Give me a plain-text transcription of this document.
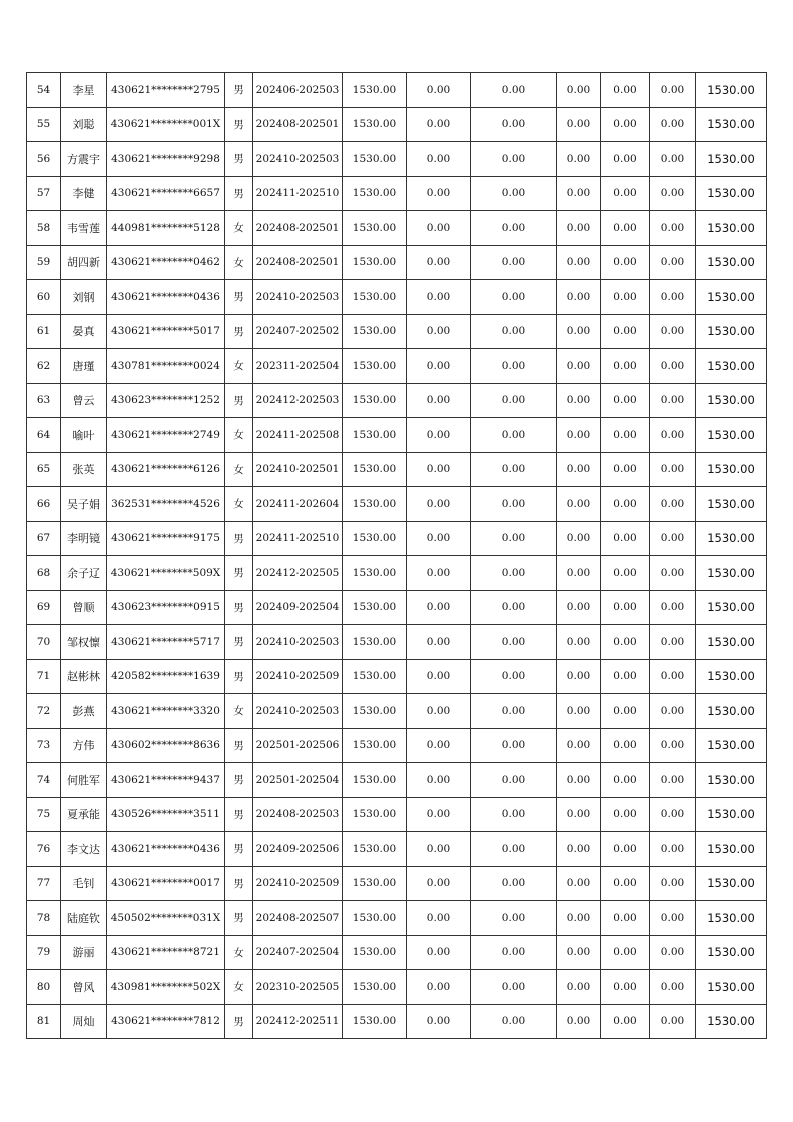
54	李星	430621********2795	男	202406-202503	1530.00	0.00	0.00	0.00	0.00	0.00	1530.00
55	刘聪	430621********001X	男	202408-202501	1530.00	0.00	0.00	0.00	0.00	0.00	1530.00
56	方震宇	430621********9298	男	202410-202503	1530.00	0.00	0.00	0.00	0.00	0.00	1530.00
57	李健	430621********6657	男	202411-202510	1530.00	0.00	0.00	0.00	0.00	0.00	1530.00
58	韦雪莲	440981********5128	女	202408-202501	1530.00	0.00	0.00	0.00	0.00	0.00	1530.00
59	胡四新	430621********0462	女	202408-202501	1530.00	0.00	0.00	0.00	0.00	0.00	1530.00
60	刘钢	430621********0436	男	202410-202503	1530.00	0.00	0.00	0.00	0.00	0.00	1530.00
61	晏真	430621********5017	男	202407-202502	1530.00	0.00	0.00	0.00	0.00	0.00	1530.00
62	唐瑾	430781********0024	女	202311-202504	1530.00	0.00	0.00	0.00	0.00	0.00	1530.00
63	曾云	430623********1252	男	202412-202503	1530.00	0.00	0.00	0.00	0.00	0.00	1530.00
64	喻叶	430621********2749	女	202411-202508	1530.00	0.00	0.00	0.00	0.00	0.00	1530.00
65	张英	430621********6126	女	202410-202501	1530.00	0.00	0.00	0.00	0.00	0.00	1530.00
66	吴子娟	362531********4526	女	202411-202604	1530.00	0.00	0.00	0.00	0.00	0.00	1530.00
67	李明镜	430621********9175	男	202411-202510	1530.00	0.00	0.00	0.00	0.00	0.00	1530.00
68	余子辽	430621********509X	男	202412-202505	1530.00	0.00	0.00	0.00	0.00	0.00	1530.00
69	曾顺	430623********0915	男	202409-202504	1530.00	0.00	0.00	0.00	0.00	0.00	1530.00
70	邹权懔	430621********5717	男	202410-202503	1530.00	0.00	0.00	0.00	0.00	0.00	1530.00
71	赵彬林	420582********1639	男	202410-202509	1530.00	0.00	0.00	0.00	0.00	0.00	1530.00
72	彭燕	430621********3320	女	202410-202503	1530.00	0.00	0.00	0.00	0.00	0.00	1530.00
73	方伟	430602********8636	男	202501-202506	1530.00	0.00	0.00	0.00	0.00	0.00	1530.00
74	何胜军	430621********9437	男	202501-202504	1530.00	0.00	0.00	0.00	0.00	0.00	1530.00
75	夏承能	430526********3511	男	202408-202503	1530.00	0.00	0.00	0.00	0.00	0.00	1530.00
76	李文达	430621********0436	男	202409-202506	1530.00	0.00	0.00	0.00	0.00	0.00	1530.00
77	毛钊	430621********0017	男	202410-202509	1530.00	0.00	0.00	0.00	0.00	0.00	1530.00
78	陆庭钦	450502********031X	男	202408-202507	1530.00	0.00	0.00	0.00	0.00	0.00	1530.00
79	游丽	430621********8721	女	202407-202504	1530.00	0.00	0.00	0.00	0.00	0.00	1530.00
80	曾风	430981********502X	女	202310-202505	1530.00	0.00	0.00	0.00	0.00	0.00	1530.00
81	周灿	430621********7812	男	202412-202511	1530.00	0.00	0.00	0.00	0.00	0.00	1530.00
